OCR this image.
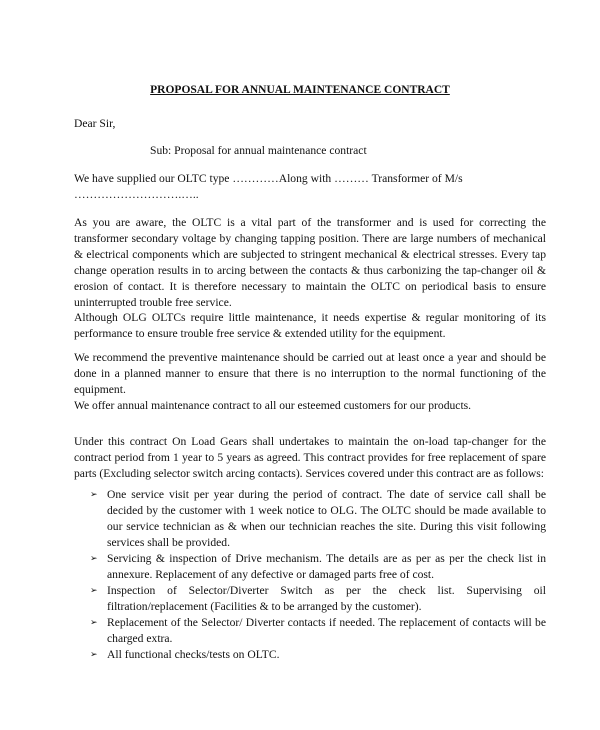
PROPOSAL FOR ANNUAL MAINTENANCE CONTRACT
Dear Sir,
Sub: Proposal for annual maintenance contract
We have supplied our OLTC type …………Along with ……… Transformer of M/s
……………………….…..

As you are aware, the OLTC is a vital part of the transformer and is used for correcting the transformer secondary voltage by changing tapping position. There are large numbers of mechanical & electrical components which are subjected to stringent mechanical & electrical stresses. Every tap change operation results in to arcing between the contacts & thus carbonizing the tap-changer oil & erosion of contact. It is therefore necessary to maintain the OLTC on periodical basis to ensure uninterrupted trouble free service.

Although OLG OLTCs require little maintenance, it needs expertise & regular monitoring of its performance to ensure trouble free service & extended utility for the equipment.

We recommend the preventive maintenance should be carried out at least once a year and should be done in a planned manner to ensure that there is no interruption to the normal functioning of the equipment.

We offer annual maintenance contract to all our esteemed customers for our products.

Under this contract On Load Gears shall undertakes to maintain the on-load tap-changer for the contract period from 1 year to 5 years as agreed. This contract provides for free replacement of spare parts (Excluding selector switch arcing contacts). Services covered under this contract are as follows:

➢ One service visit per year during the period of contract. The date of service call shall be decided by the customer with 1 week notice to OLG. The OLTC should be made available to our service technician as & when our technician reaches the site. During this visit following services shall be provided.
➢ Servicing & inspection of Drive mechanism. The details are as per as per the check list in annexure. Replacement of any defective or damaged parts free of cost.
➢ Inspection of Selector/Diverter Switch as per the check list. Supervising oil filtration/replacement (Facilities & to be arranged by the customer).
➢ Replacement of the Selector/ Diverter contacts if needed. The replacement of contacts will be charged extra.
➢ All functional checks/tests on OLTC.
